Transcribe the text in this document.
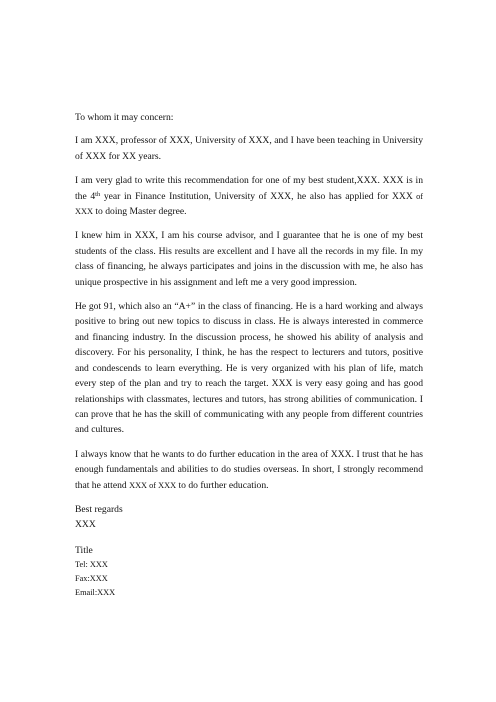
To whom it may concern:

I am XXX, professor of XXX, University of XXX, and I have been teaching in University of XXX for XX years.

I am very glad to write this recommendation for one of my best student,XXX. XXX is in the 4th year in Finance Institution, University of XXX, he also has applied for XXX of XXX to doing Master degree.

I knew him in XXX, I am his course advisor, and I guarantee that he is one of my best students of the class. His results are excellent and I have all the records in my file. In my class of financing, he always participates and joins in the discussion with me, he also has unique prospective in his assignment and left me a very good impression.

He got 91, which also an “A+” in the class of financing. He is a hard working and always positive to bring out new topics to discuss in class. He is always interested in commerce and financing industry. In the discussion process, he showed his ability of analysis and discovery. For his personality, I think, he has the respect to lecturers and tutors, positive and condescends to learn everything. He is very organized with his plan of life, match every step of the plan and try to reach the target. XXX is very easy going and has good relationships with classmates, lectures and tutors, has strong abilities of communication. I can prove that he has the skill of communicating with any people from different countries and cultures.

I always know that he wants to do further education in the area of XXX. I trust that he has enough fundamentals and abilities to do studies overseas. In short, I strongly recommend that he attend XXX of XXX to do further education.

Best regards
XXX
Title
Tel: XXX
Fax:XXX
Email:XXX
